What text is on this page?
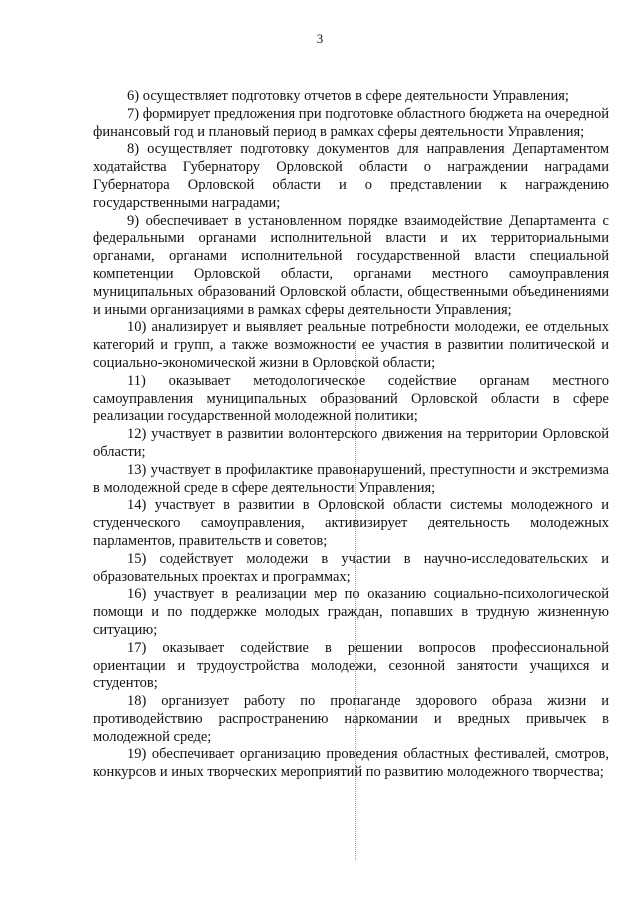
3

6) осуществляет подготовку отчетов в сфере деятельности Управления;

7) формирует предложения при подготовке областного бюджета на очередной финансовый год и плановый период в рамках сферы деятельности Управления;

8) осуществляет подготовку документов для направления Департаментом ходатайства Губернатору Орловской области о награждении наградами Губернатора Орловской области и о представлении к награждению государственными наградами;

9) обеспечивает в установленном порядке взаимодействие Департамента с федеральными органами исполнительной власти и их территориальными органами, органами исполнительной государственной власти специальной компетенции Орловской области, органами местного самоуправления муниципальных образований Орловской области, общественными объединениями и иными организациями в рамках сферы деятельности Управления;

10) анализирует и выявляет реальные потребности молодежи, ее отдельных категорий и групп, а также возможности ее участия в развитии политической и социально-экономической жизни в Орловской области;

11) оказывает методологическое содействие органам местного самоуправления муниципальных образований Орловской области в сфере реализации государственной молодежной политики;

12) участвует в развитии волонтерского движения на территории Орловской области;

13) участвует в профилактике правонарушений, преступности и экстремизма в молодежной среде в сфере деятельности Управления;

14) участвует в развитии в Орловской области системы молодежного и студенческого самоуправления, активизирует деятельность молодежных парламентов, правительств и советов;

15) содействует молодежи в участии в научно-исследовательских и образовательных проектах и программах;

16) участвует в реализации мер по оказанию социально-психологической помощи и по поддержке молодых граждан, попавших в трудную жизненную ситуацию;

17) оказывает содействие в решении вопросов профессиональной ориентации и трудоустройства молодежи, сезонной занятости учащихся и студентов;

18) организует работу по пропаганде здорового образа жизни и противодействию распространению наркомании и вредных привычек в молодежной среде;

19) обеспечивает организацию проведения областных фестивалей, смотров, конкурсов и иных творческих мероприятий по развитию молодежного творчества;
